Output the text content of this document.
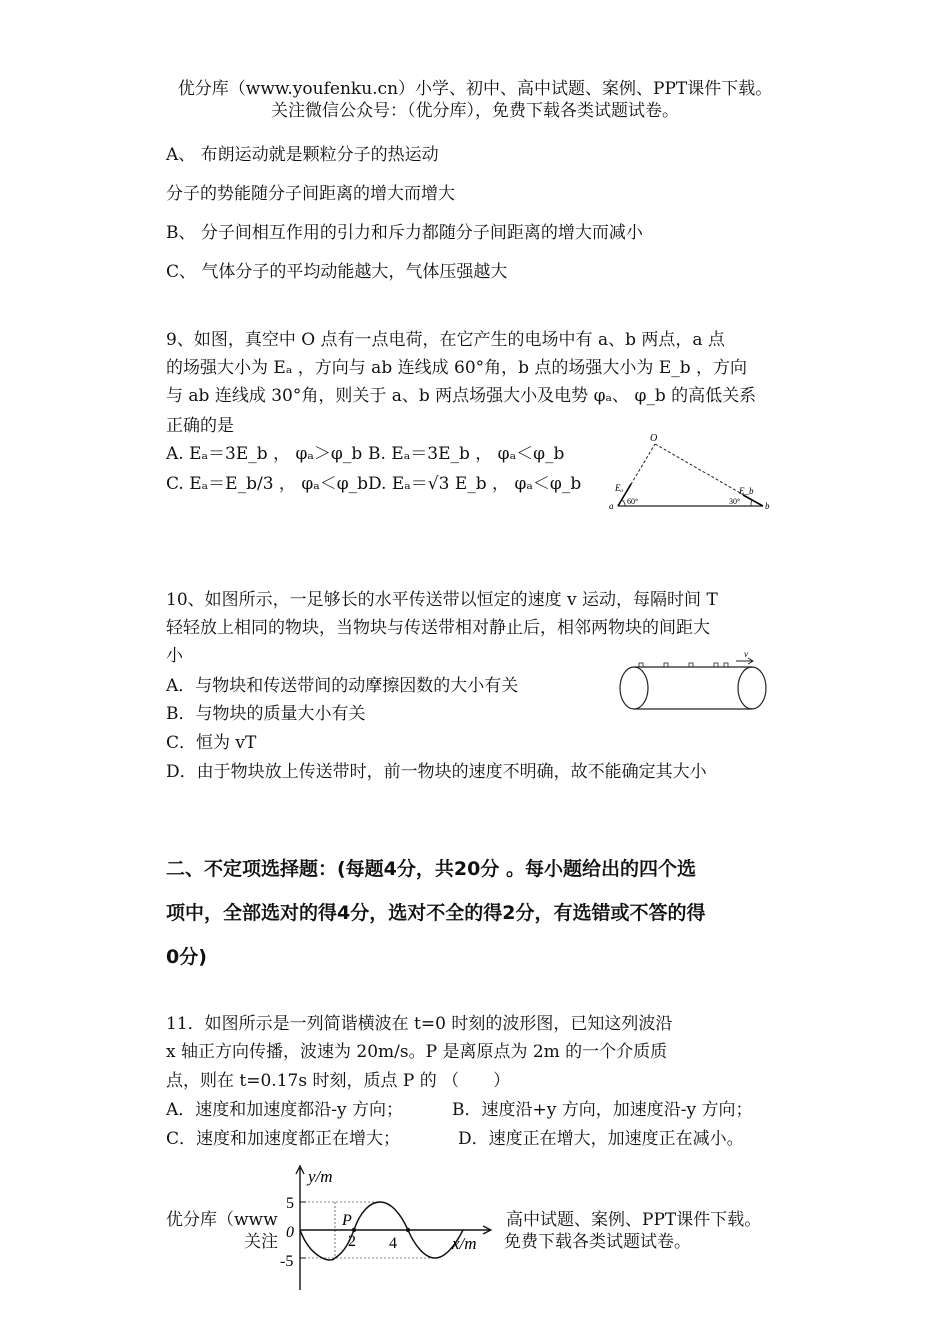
优分库（www.youfenku.cn）小学、初中、高中试题、案例、PPT课件下载。
关注微信公众号：（优分库），免费下载各类试题试卷。
A、 布朗运动就是颗粒分子的热运动
分子的势能随分子间距离的增大而增大
B、 分子间相互作用的引力和斥力都随分子间距离的增大而减小
C、 气体分子的平均动能越大，气体压强越大
9、如图，真空中 O 点有一点电荷，在它产生的电场中有 a、b 两点，a 点
的场强大小为 Eₐ ，方向与 ab 连线成 60°角，b 点的场强大小为 E_b ，方向
与 ab 连线成 30°角，则关于 a、b 两点场强大小及电势 φₐ、 φ_b 的高低关系
正确的是
A. Eₐ＝3E_b ， φₐ＞φ_b B. Eₐ＝3E_b ， φₐ＜φ_b
C. Eₐ＝E_b/3 ， φₐ＜φ_b D. Eₐ＝√3 E_b ， φₐ＜φ_b
O
a	b
Eₐ	E_b
60°	30°
10、如图所示，一足够长的水平传送带以恒定的速度 v 运动，每隔时间 T
轻轻放上相同的物块，当物块与传送带相对静止后，相邻两物块的间距大
小
A．与物块和传送带间的动摩擦因数的大小有关
B．与物块的质量大小有关
C．恒为 vT
D．由于物块放上传送带时，前一物块的速度不明确，故不能确定其大小
v
二、不定项选择题：(每题4分，共20分 。每小题给出的四个选
项中，全部选对的得4分，选对不全的得2分，有选错或不答的得
0分)
11．如图所示是一列简谐横波在 t=0 时刻的波形图，已知这列波沿
x 轴正方向传播，波速为 20m/s。P 是离原点为 2m 的一个介质质
点，则在 t=0.17s 时刻，质点 P 的 （　　）
A．速度和加速度都沿-y 方向；	B．速度沿+y 方向，加速度沿-y 方向；
C．速度和加速度都正在增大；	D．速度正在增大，加速度正在减小。
优分库（www
关注
高中试题、案例、PPT课件下载。
免费下载各类试题试卷。
y/m
x/m
5
-5
0
2 4
P
